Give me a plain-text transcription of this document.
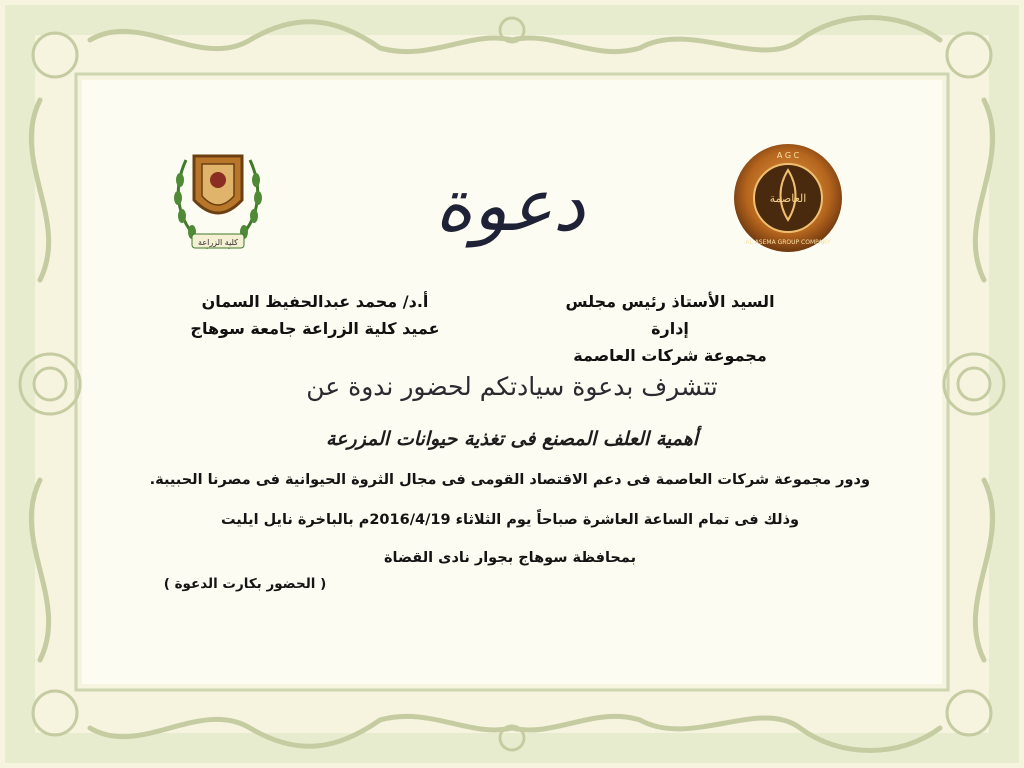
كلية الزراعة
العاصمة
A G C
AL ASEMA GROUP COMPANY
دعوة
السيد الأستاذ رئيس مجلس إدارة
مجموعة شركات العاصمة
أ.د/ محمد عبدالحفيظ السمان
عميد كلية الزراعة جامعة سوهاج
تتشرف بدعوة سيادتكم لحضور ندوة عن
أهمية العلف المصنع فى تغذية حيوانات المزرعة
ودور مجموعة شركات العاصمة فى دعم الاقتصاد القومى فى مجال الثروة الحيوانية فى مصرنا الحبيبة.
وذلك فى تمام الساعة العاشرة صباحاً يوم الثلاثاء 2016/4/19م بالباخرة نايل ايليت
بمحافظة سوهاج بجوار نادى القضاة
( الحضور بكارت الدعوة )
